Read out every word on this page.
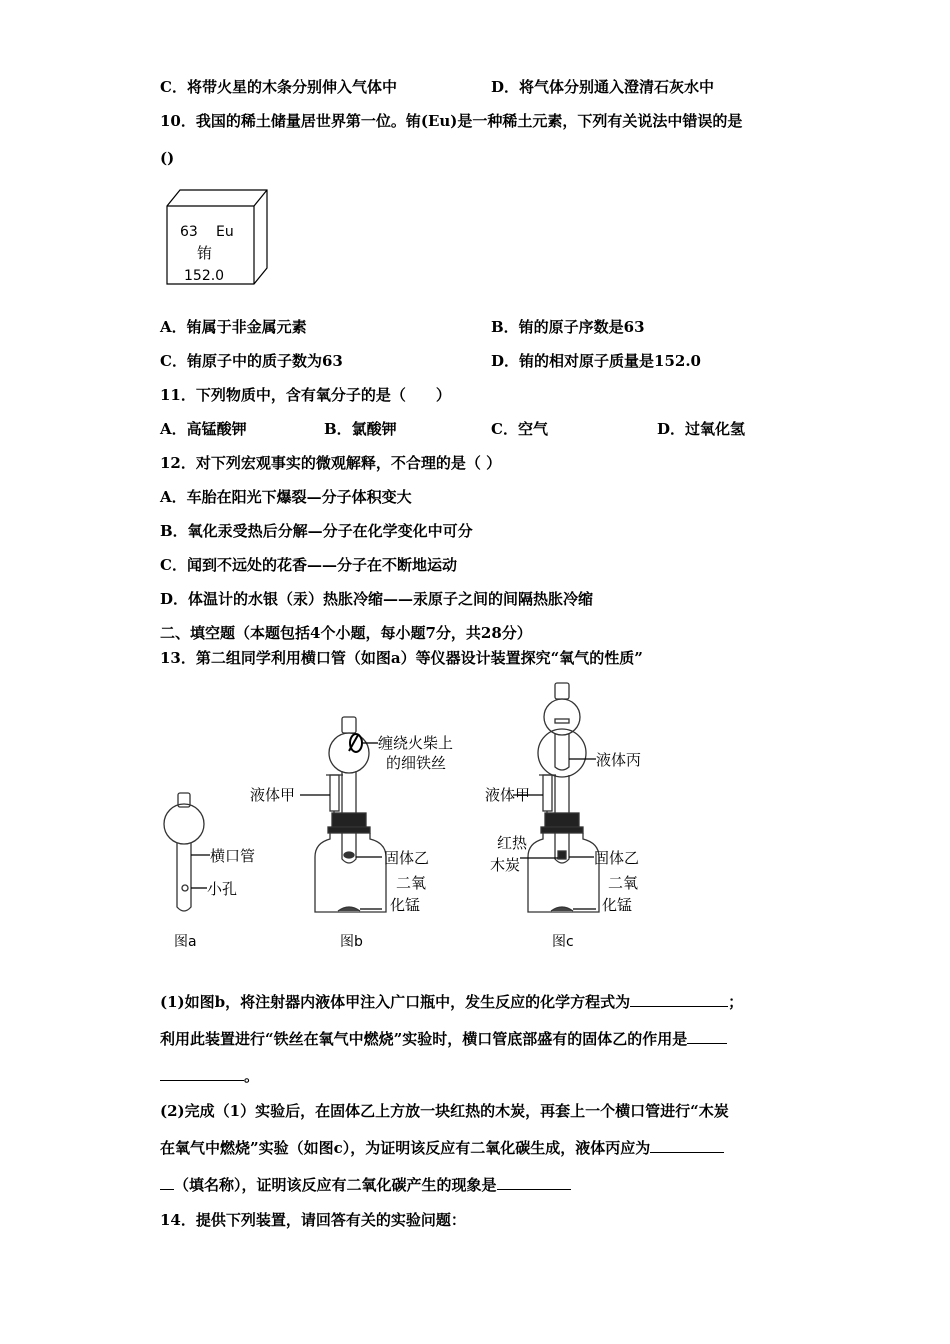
C．将带火星的木条分别伸入气体中	D．将气体分别通入澄清石灰水中
10．我国的稀土储量居世界第一位。铕(Eu)是一种稀土元素，下列有关说法中错误的是
()
63 Eu
铕
152.0
A．铕属于非金属元素	B．铕的原子序数是63
C．铕原子中的质子数为63	D．铕的相对原子质量是152.0
11．下列物质中，含有氧分子的是（　　）
A．高锰酸钾	B．氯酸钾	C．空气	D．过氧化氢
12．对下列宏观事实的微观解释，不合理的是（ ）
A．车胎在阳光下爆裂—分子体积变大
B．氧化汞受热后分解—分子在化学变化中可分
C．闻到不远处的花香——分子在不断地运动
D．体温计的水银（汞）热胀冷缩——汞原子之间的间隔热胀冷缩
二、填空题（本题包括4个小题，每小题7分，共28分）
13．第二组同学利用横口管（如图a）等仪器设计装置探究“氧气的性质”
横口管
小孔
图a
缠绕火柴上
的细铁丝
液体甲
固体乙
二氧
化锰
图b
液体丙
液体甲
红热
木炭	固体乙
二氧
化锰
图c
(1)如图b，将注射器内液体甲注入广口瓶中，发生反应的化学方程式为	；
利用此装置进行“铁丝在氧气中燃烧”实验时，横口管底部盛有的固体乙的作用是
。
(2)完成（1）实验后，在固体乙上方放一块红热的木炭，再套上一个横口管进行“木炭
在氧气中燃烧”实验（如图c），为证明该反应有二氧化碳生成，液体丙应为
（填名称），证明该反应有二氧化碳产生的现象是
14．提供下列装置，请回答有关的实验问题：
